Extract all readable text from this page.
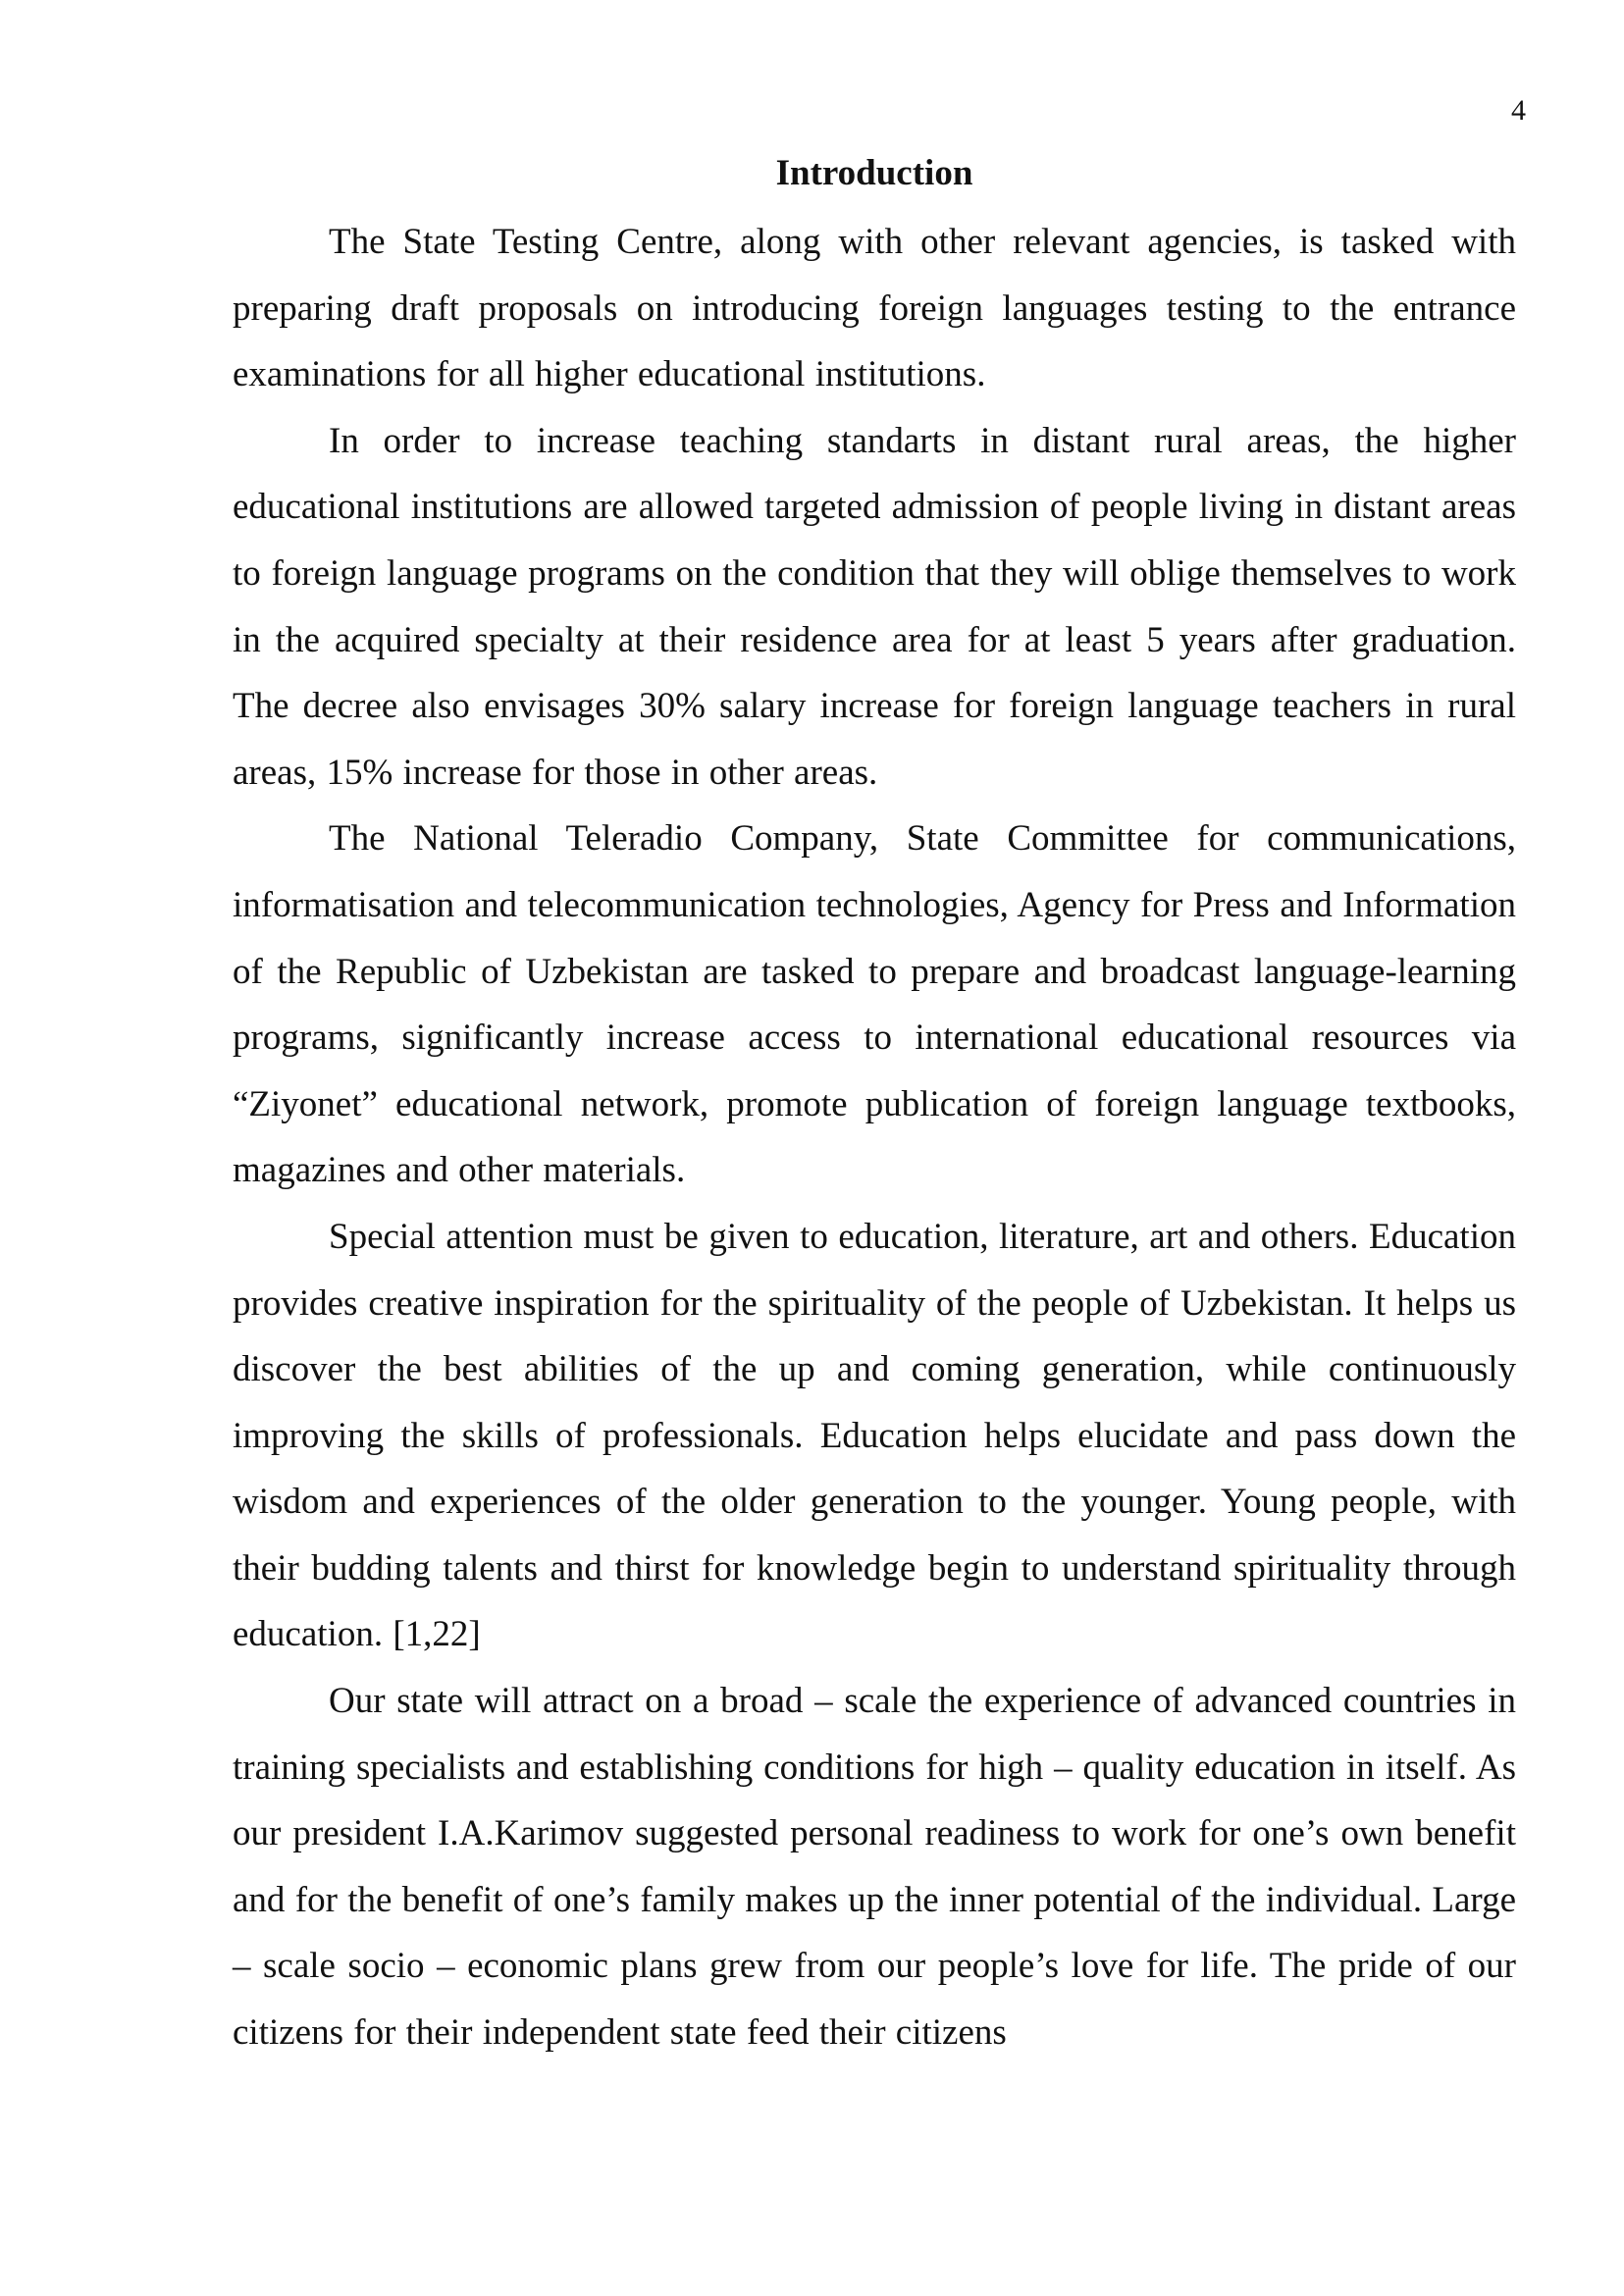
4
Introduction

The State Testing Centre, along with other relevant agencies, is tasked with preparing draft proposals on introducing foreign languages testing to the entrance examinations for all higher educational institutions.

In order to increase teaching standarts in distant rural areas, the higher educational institutions are allowed targeted admission of people living in distant areas to foreign language programs on the condition that they will oblige themselves to work in the acquired specialty at their residence area for at least 5 years after graduation. The decree also envisages 30% salary increase for foreign language teachers in rural areas, 15% increase for those in other areas.

The National Teleradio Company, State Committee for communications, informatisation and telecommunication technologies, Agency for Press and Information of the Republic of Uzbekistan are tasked to prepare and broadcast language-learning programs, significantly increase access to international educational resources via “Ziyonet” educational network, promote publication of foreign language textbooks, magazines and other materials.

Special attention must be given to education, literature, art and others. Education provides creative inspiration for the spirituality of the people of Uzbekistan. It helps us discover the best abilities of the up and coming generation, while continuously improving the skills of professionals. Education helps elucidate and pass down the wisdom and experiences of the older generation to the younger. Young people, with their budding talents and thirst for knowledge begin to understand spirituality through education. [1,22]

Our state will attract on a broad – scale the experience of advanced countries in training specialists and establishing conditions for high – quality education in itself. As our president I.A.Karimov suggested personal readiness to work for one’s own benefit and for the benefit of one’s family makes up the inner potential of the individual. Large – scale socio – economic plans grew from our people’s love for life. The pride of our citizens for their independent state feed their citizens
